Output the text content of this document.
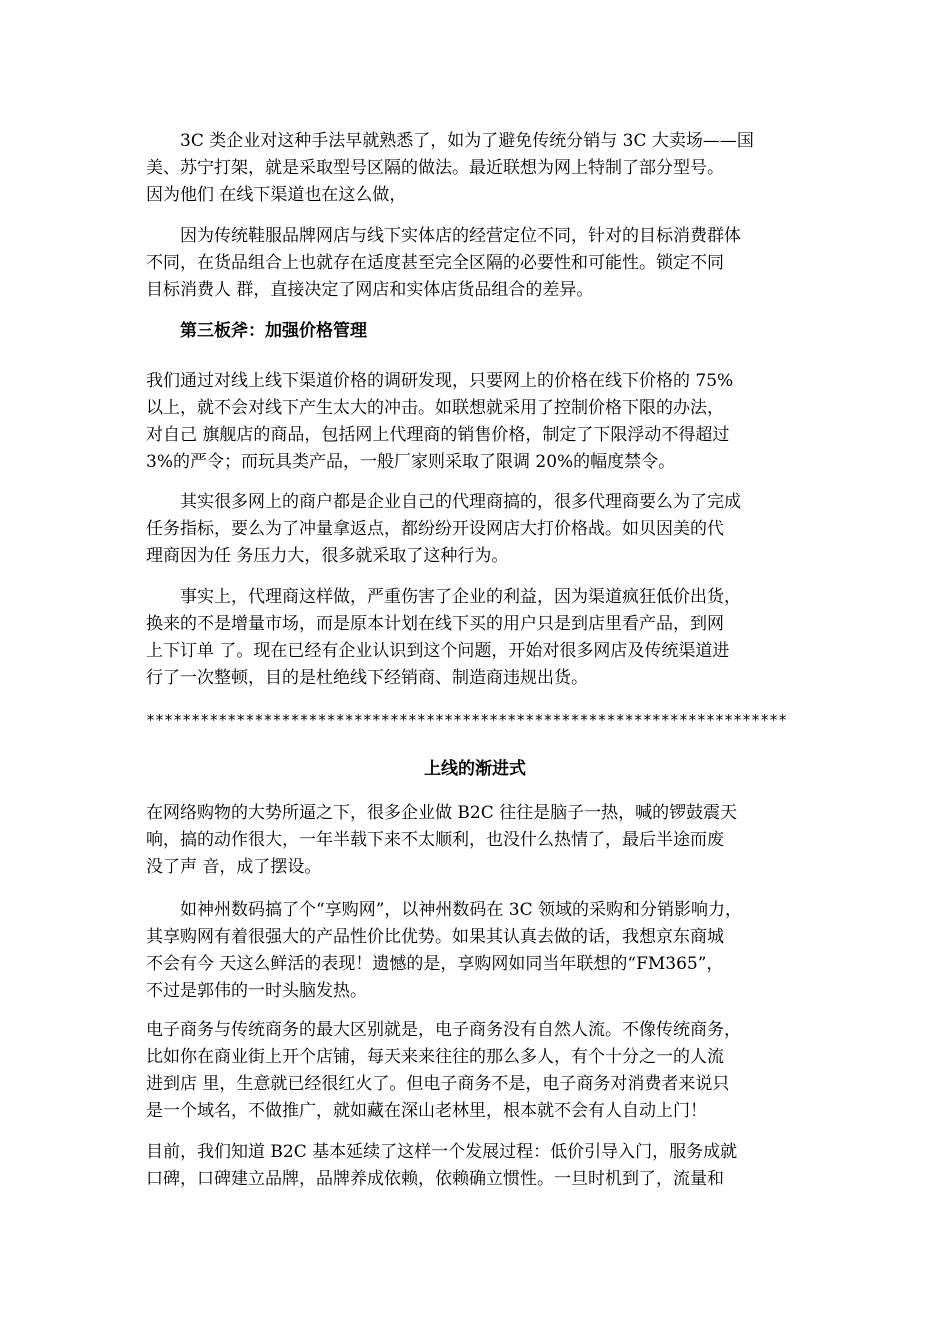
　　3C 类企业对这种手法早就熟悉了，如为了避免传统分销与 3C 大卖场——国
美、苏宁打架，就是采取型号区隔的做法。最近联想为网上特制了部分型号。
因为他们 在线下渠道也在这么做，
　　因为传统鞋服品牌网店与线下实体店的经营定位不同，针对的目标消费群体
不同，在货品组合上也就存在适度甚至完全区隔的必要性和可能性。锁定不同
目标消费人 群，直接决定了网店和实体店货品组合的差异。
　　第三板斧：加强价格管理
我们通过对线上线下渠道价格的调研发现，只要网上的价格在线下价格的 75%
以上，就不会对线下产生太大的冲击。如联想就采用了控制价格下限的办法，
对自己 旗舰店的商品，包括网上代理商的销售价格，制定了下限浮动不得超过
3%的严令；而玩具类产品，一般厂家则采取了限调 20%的幅度禁令。
　　其实很多网上的商户都是企业自己的代理商搞的，很多代理商要么为了完成
任务指标，要么为了冲量拿返点，都纷纷开设网店大打价格战。如贝因美的代
理商因为任 务压力大，很多就采取了这种行为。
　　事实上，代理商这样做，严重伤害了企业的利益，因为渠道疯狂低价出货，
换来的不是增量市场，而是原本计划在线下买的用户只是到店里看产品，到网
上下订单 了。现在已经有企业认识到这个问题，开始对很多网店及传统渠道进
行了一次整顿，目的是杜绝线下经销商、制造商违规出货。
***********************************************************************
上线的渐进式
在网络购物的大势所逼之下，很多企业做 B2C 往往是脑子一热，喊的锣鼓震天
响，搞的动作很大，一年半载下来不太顺利，也没什么热情了，最后半途而废
没了声 音，成了摆设。
　　如神州数码搞了个“享购网”，以神州数码在 3C 领域的采购和分销影响力，
其享购网有着很强大的产品性价比优势。如果其认真去做的话，我想京东商城
不会有今 天这么鲜活的表现！遗憾的是，享购网如同当年联想的“FM365”，
不过是郭伟的一时头脑发热。
电子商务与传统商务的最大区别就是，电子商务没有自然人流。不像传统商务，
比如你在商业街上开个店铺，每天来来往往的那么多人，有个十分之一的人流
进到店 里，生意就已经很红火了。但电子商务不是，电子商务对消费者来说只
是一个域名，不做推广，就如藏在深山老林里，根本就不会有人自动上门！
目前，我们知道 B2C 基本延续了这样一个发展过程：低价引导入门，服务成就
口碑，口碑建立品牌，品牌养成依赖，依赖确立惯性。一旦时机到了，流量和
